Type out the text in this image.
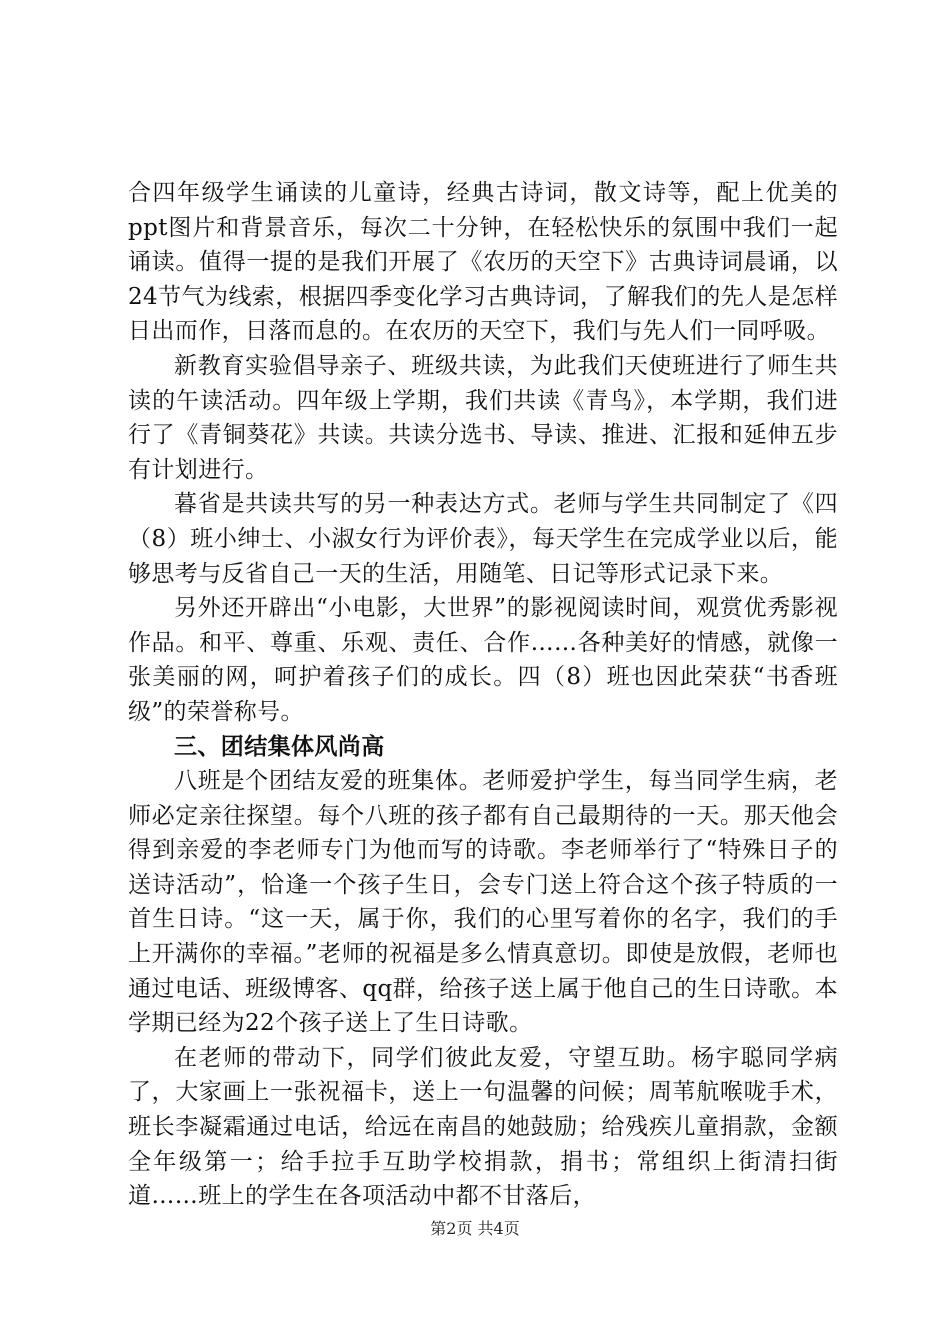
合四年级学生诵读的儿童诗，经典古诗词，散文诗等，配上优美的ppt图片和背景音乐，每次二十分钟，在轻松快乐的氛围中我们一起诵读。值得一提的是我们开展了《农历的天空下》古典诗词晨诵，以24节气为线索，根据四季变化学习古典诗词，了解我们的先人是怎样日出而作，日落而息的。在农历的天空下，我们与先人们一同呼吸。

新教育实验倡导亲子、班级共读，为此我们天使班进行了师生共读的午读活动。四年级上学期，我们共读《青鸟》，本学期，我们进行了《青铜葵花》共读。共读分选书、导读、推进、汇报和延伸五步有计划进行。

暮省是共读共写的另一种表达方式。老师与学生共同制定了《四（8）班小绅士、小淑女行为评价表》，每天学生在完成学业以后，能够思考与反省自己一天的生活，用随笔、日记等形式记录下来。

另外还开辟出“小电影，大世界”的影视阅读时间，观赏优秀影视作品。和平、尊重、乐观、责任、合作……各种美好的情感，就像一张美丽的网，呵护着孩子们的成长。四（8）班也因此荣获“书香班级”的荣誉称号。

三、团结集体风尚高

八班是个团结友爱的班集体。老师爱护学生，每当同学生病，老师必定亲往探望。每个八班的孩子都有自己最期待的一天。那天他会得到亲爱的李老师专门为他而写的诗歌。李老师举行了“特殊日子的送诗活动”，恰逢一个孩子生日，会专门送上符合这个孩子特质的一首生日诗。“这一天，属于你，我们的心里写着你的名字，我们的手上开满你的幸福。”老师的祝福是多么情真意切。即使是放假，老师也通过电话、班级博客、qq群，给孩子送上属于他自己的生日诗歌。本学期已经为22个孩子送上了生日诗歌。

在老师的带动下，同学们彼此友爱，守望互助。杨宇聪同学病了，大家画上一张祝福卡，送上一句温馨的问候；周苇航喉咙手术，班长李凝霜通过电话，给远在南昌的她鼓励；给残疾儿童捐款，金额全年级第一；给手拉手互助学校捐款，捐书；常组织上街清扫街道……班上的学生在各项活动中都不甘落后，

第2页 共4页
